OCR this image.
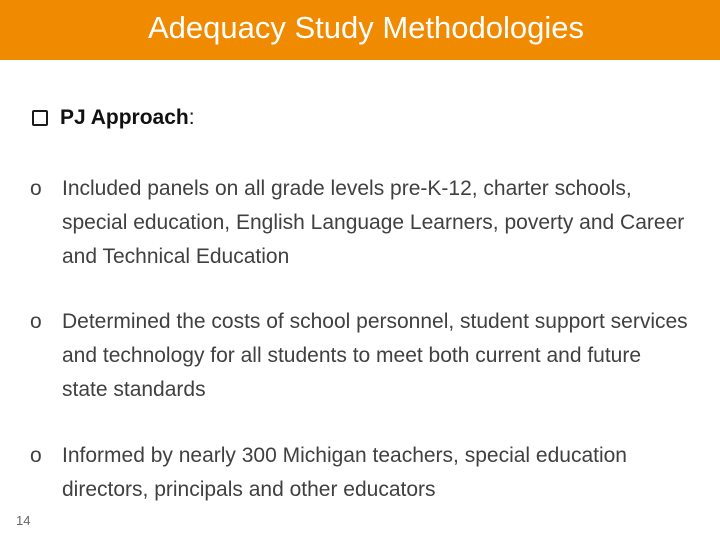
Adequacy Study Methodologies
PJ Approach:
o Included panels on all grade levels pre-K-12, charter schools, special education, English Language Learners, poverty and Career and Technical Education
o Determined the costs of school personnel, student support services and technology for all students to meet both current and future state standards
o Informed by nearly 300 Michigan teachers, special education directors, principals and other educators
14
